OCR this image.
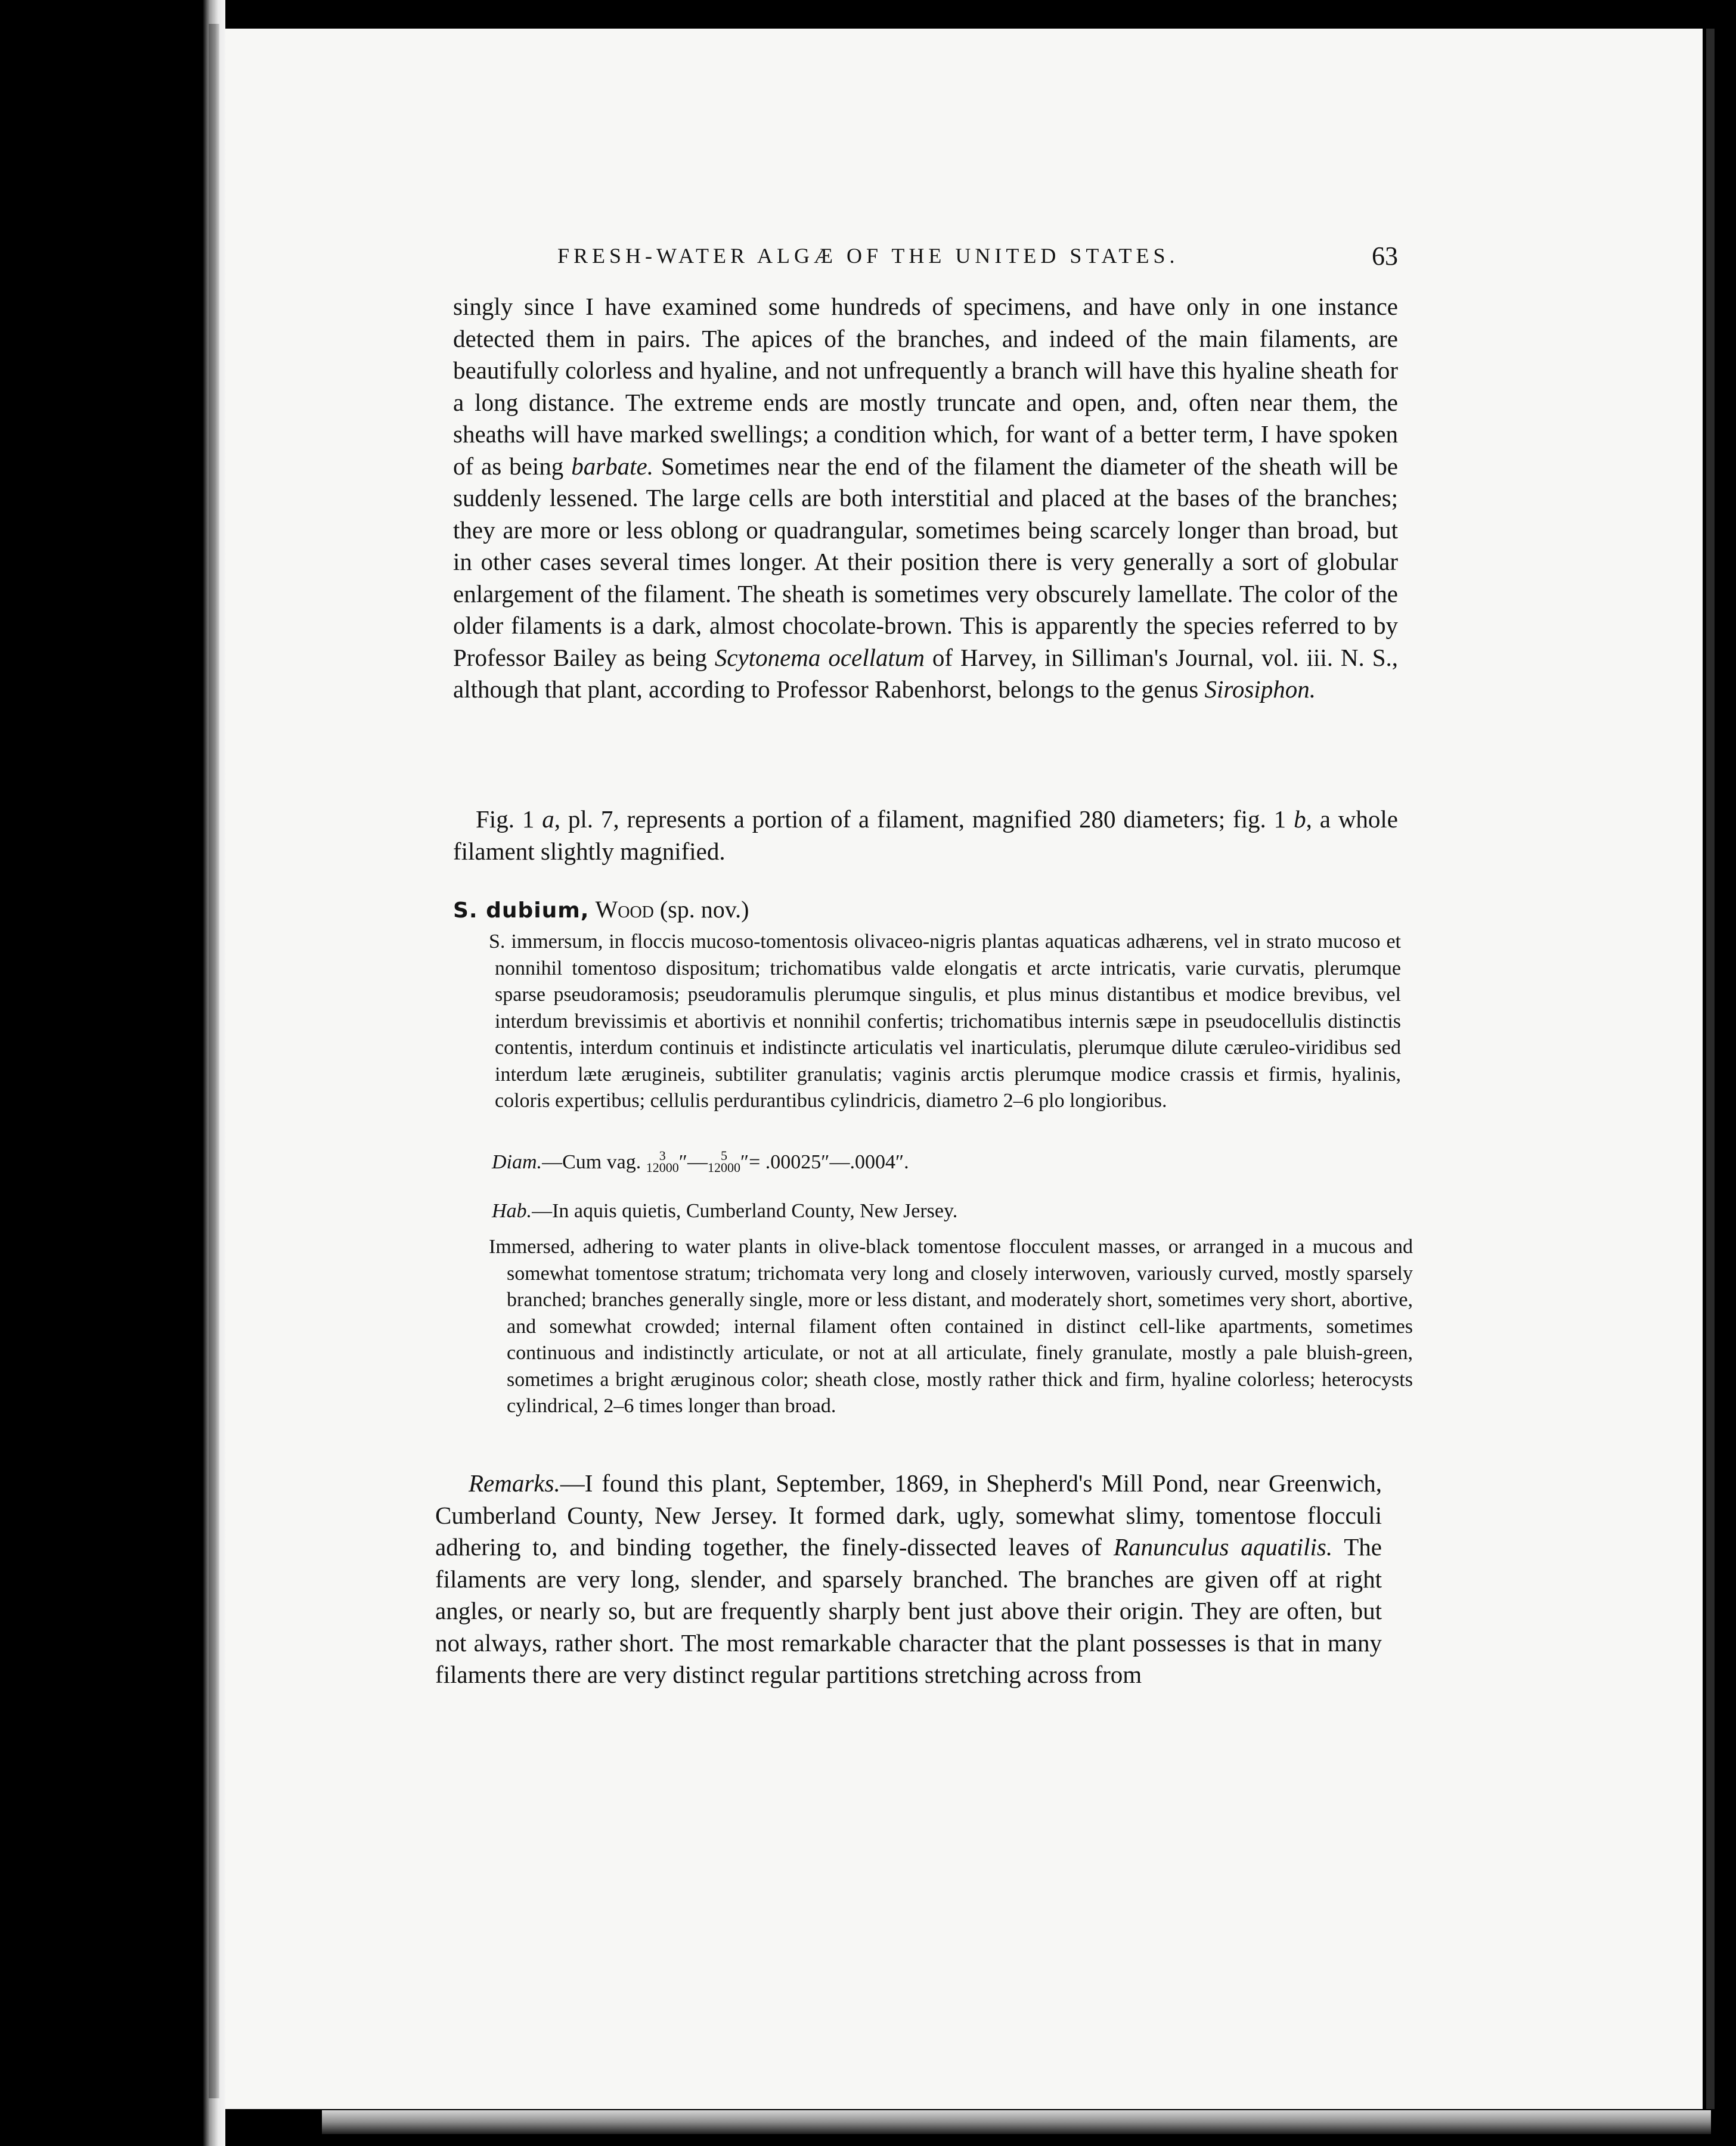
FRESH-WATER ALGÆ OF THE UNITED STATES.	63
singly since I have examined some hundreds of specimens, and have only in one instance detected them in pairs. The apices of the branches, and indeed of the main filaments, are beautifully colorless and hyaline, and not unfrequently a branch will have this hyaline sheath for a long distance. The extreme ends are mostly truncate and open, and, often near them, the sheaths will have marked swellings; a condition which, for want of a better term, I have spoken of as being barbate. Sometimes near the end of the filament the diameter of the sheath will be suddenly lessened. The large cells are both interstitial and placed at the bases of the branches; they are more or less oblong or quadrangular, sometimes being scarcely longer than broad, but in other cases several times longer. At their position there is very generally a sort of globular enlargement of the filament. The sheath is sometimes very obscurely lamellate. The color of the older filaments is a dark, almost chocolate-brown. This is apparently the species referred to by Professor Bailey as being Scytonema ocellatum of Harvey, in Silliman's Journal, vol. iii. N. S., although that plant, according to Professor Rabenhorst, belongs to the genus Sirosiphon.
Fig. 1 a, pl. 7, represents a portion of a filament, magnified 280 diameters; fig. 1 b, a whole filament slightly magnified.
S. dubium, Wood (sp. nov.)
S. immersum, in floccis mucoso-tomentosis olivaceo-nigris plantas aquaticas adhærens, vel in strato mucoso et nonnihil tomentoso dispositum; trichomatibus valde elongatis et arcte intricatis, varie curvatis, plerumque sparse pseudoramosis; pseudoramulis plerumque singulis, et plus minus distantibus et modice brevibus, vel interdum brevissimis et abortivis et nonnihil confertis; trichomatibus internis sæpe in pseudocellulis distinctis contentis, interdum continuis et indistincte articulatis vel inarticulatis, plerumque dilute cæruleo-viridibus sed interdum læte ærugineis, subtiliter granulatis; vaginis arctis plerumque modice crassis et firmis, hyalinis, coloris expertibus; cellulis perdurantibus cylindricis, diametro 2–6 plo longioribus.
Diam.—Cum vag. 3
12000″— 5
12000″= .00025″—.0004″.
Hab.—In aquis quietis, Cumberland County, New Jersey.
Immersed, adhering to water plants in olive-black tomentose flocculent masses, or arranged in a mucous and somewhat tomentose stratum; trichomata very long and closely interwoven, variously curved, mostly sparsely branched; branches generally single, more or less distant, and moderately short, sometimes very short, abortive, and somewhat crowded; internal filament often contained in distinct cell-like apartments, sometimes continuous and indistinctly articulate, or not at all articulate, finely granulate, mostly a pale bluish-green, sometimes a bright æruginous color; sheath close, mostly rather thick and firm, hyaline colorless; heterocysts cylindrical, 2–6 times longer than broad.
Remarks.—I found this plant, September, 1869, in Shepherd's Mill Pond, near Greenwich, Cumberland County, New Jersey. It formed dark, ugly, somewhat slimy, tomentose flocculi adhering to, and binding together, the finely-dissected leaves of Ranunculus aquatilis. The filaments are very long, slender, and sparsely branched. The branches are given off at right angles, or nearly so, but are frequently sharply bent just above their origin. They are often, but not always, rather short. The most remarkable character that the plant possesses is that in many filaments there are very distinct regular partitions stretching across from
